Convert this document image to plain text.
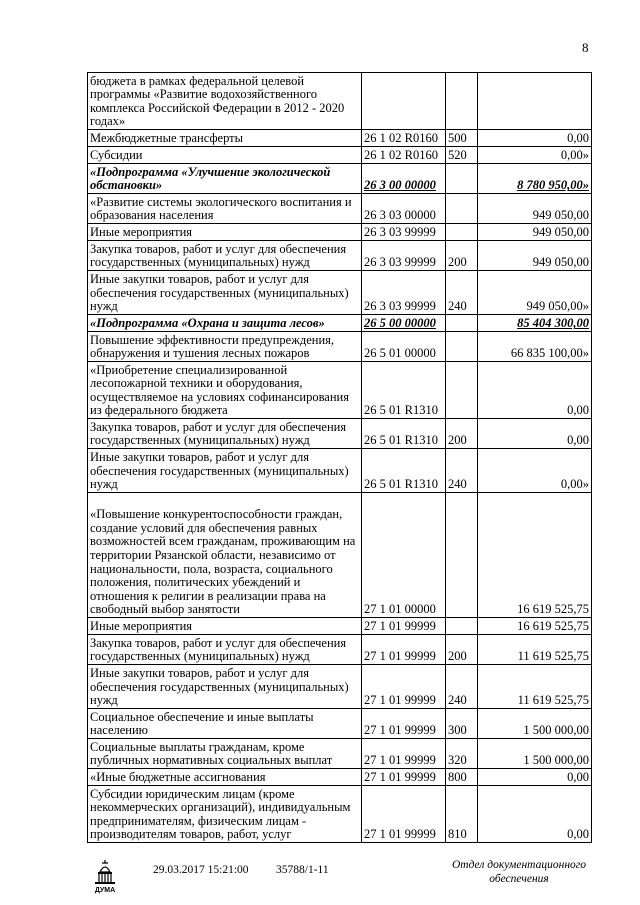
8
бюджета в рамках федеральной целевой программы «Развитие водохозяйственного комплекса Российской Федерации в 2012 - 2020 годах»			
Межбюджетные трансферты	26 1 02 R0160	500	0,00
Субсидии	26 1 02 R0160	520	0,00»
«Подпрограмма «Улучшение экологической обстановки»	26 3 00 00000		8 780 950,00»
«Развитие системы экологического воспитания и образования населения	26 3 03 00000		949 050,00
Иные мероприятия	26 3 03 99999		949 050,00
Закупка товаров, работ и услуг для обеспечения государственных (муниципальных) нужд	26 3 03 99999	200	949 050,00
Иные закупки товаров, работ и услуг для обеспечения государственных (муниципальных) нужд	26 3 03 99999	240	949 050,00»
«Подпрограмма «Охрана и защита лесов»	26 5 00 00000		85 404 300,00
Повышение эффективности предупреждения, обнаружения и тушения лесных пожаров	26 5 01 00000		66 835 100,00»
«Приобретение специализированной лесопожарной техники и оборудования, осуществляемое на условиях софинансирования из федерального бюджета	26 5 01 R1310		0,00
Закупка товаров, работ и услуг для обеспечения государственных (муниципальных) нужд	26 5 01 R1310	200	0,00
Иные закупки товаров, работ и услуг для обеспечения государственных (муниципальных) нужд	26 5 01 R1310	240	0,00»
«Повышение конкурентоспособности граждан, создание условий для обеспечения равных возможностей всем гражданам, проживающим на территории Рязанской области, независимо от национальности, пола, возраста, социального положения, политических убеждений и отношения к религии в реализации права на свободный выбор занятости	27 1 01 00000		16 619 525,75
Иные мероприятия	27 1 01 99999		16 619 525,75
Закупка товаров, работ и услуг для обеспечения государственных (муниципальных) нужд	27 1 01 99999	200	11 619 525,75
Иные закупки товаров, работ и услуг для обеспечения государственных (муниципальных) нужд	27 1 01 99999	240	11 619 525,75
Социальное обеспечение и иные выплаты населению	27 1 01 99999	300	1 500 000,00
Социальные выплаты гражданам, кроме публичных нормативных социальных выплат	27 1 01 99999	320	1 500 000,00
«Иные бюджетные ассигнования	27 1 01 99999	800	0,00
Субсидии юридическим лицам (кроме некоммерческих организаций), индивидуальным предпринимателям, физическим лицам - производителям товаров, работ, услуг	27 1 01 99999	810	0,00
ДУМА
29.03.2017 15:21:00 35788/1-11	Отдел документационного обеспечения
